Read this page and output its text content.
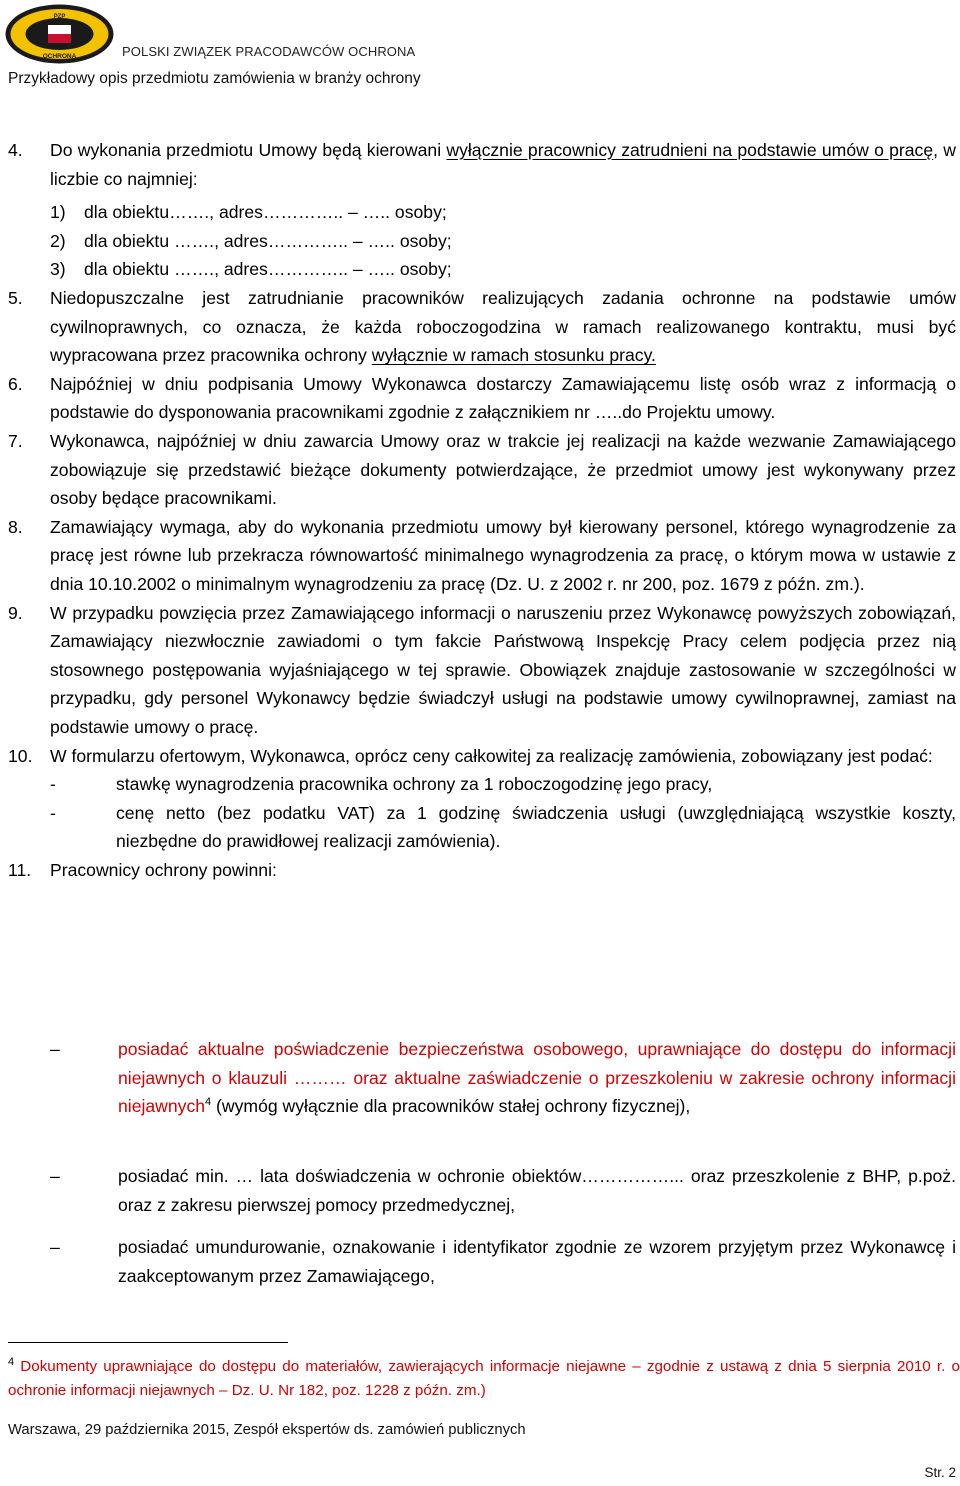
PZP
OCHRONA	POLSKI ZWIĄZEK PRACODAWCÓW OCHRONA
Przykładowy opis przedmiotu zamówienia w branży ochrony
4. Do wykonania przedmiotu Umowy będą kierowani wyłącznie pracownicy zatrudnieni na podstawie umów o pracę, w liczbie co najmniej:
1) dla obiektu……., adres………….. – ….. osoby;
2) dla obiektu ……., adres………….. – ….. osoby;
3) dla obiektu ……., adres………….. – ….. osoby;
5. Niedopuszczalne jest zatrudnianie pracowników realizujących zadania ochronne na podstawie umów cywilnoprawnych, co oznacza, że każda roboczogodzina w ramach realizowanego kontraktu, musi być wypracowana przez pracownika ochrony wyłącznie w ramach stosunku pracy.
6. Najpóźniej w dniu podpisania Umowy Wykonawca dostarczy Zamawiającemu listę osób wraz z informacją o podstawie do dysponowania pracownikami zgodnie z załącznikiem nr …..do Projektu umowy.
7. Wykonawca, najpóźniej w dniu zawarcia Umowy oraz w trakcie jej realizacji na każde wezwanie Zamawiającego zobowiązuje się przedstawić bieżące dokumenty potwierdzające, że przedmiot umowy jest wykonywany przez osoby będące pracownikami.
8. Zamawiający wymaga, aby do wykonania przedmiotu umowy był kierowany personel, którego wynagrodzenie za pracę jest równe lub przekracza równowartość minimalnego wynagrodzenia za pracę, o którym mowa w ustawie z dnia 10.10.2002 o minimalnym wynagrodzeniu za pracę (Dz. U. z 2002 r. nr 200, poz. 1679 z późn. zm.).
9. W przypadku powzięcia przez Zamawiającego informacji o naruszeniu przez Wykonawcę powyższych zobowiązań, Zamawiający niezwłocznie zawiadomi o tym fakcie Państwową Inspekcję Pracy celem podjęcia przez nią stosownego postępowania wyjaśniającego w tej sprawie. Obowiązek znajduje zastosowanie w szczególności w przypadku, gdy personel Wykonawcy będzie świadczył usługi na podstawie umowy cywilnoprawnej, zamiast na podstawie umowy o pracę.
10. W formularzu ofertowym, Wykonawca, oprócz ceny całkowitej za realizację zamówienia, zobowiązany jest podać:
-	stawkę wynagrodzenia pracownika ochrony za 1 roboczogodzinę jego pracy,
-	cenę netto (bez podatku VAT) za 1 godzinę świadczenia usługi (uwzględniającą wszystkie koszty, niezbędne do prawidłowej realizacji zamówienia).
11. Pracownicy ochrony powinni:
–	posiadać aktualne poświadczenie bezpieczeństwa osobowego, uprawniające do dostępu do informacji niejawnych o klauzuli ……… oraz aktualne zaświadczenie o przeszkoleniu w zakresie ochrony informacji niejawnych$^4$ (wymóg wyłącznie dla pracowników stałej ochrony fizycznej),
–	posiadać min. … lata doświadczenia w ochronie obiektów……………... oraz przeszkolenie z BHP, p.poż. oraz z zakresu pierwszej pomocy przedmedycznej,
–	posiadać umundurowanie, oznakowanie i identyfikator zgodnie ze wzorem przyjętym przez Wykonawcę i zaakceptowanym przez Zamawiającego,
$^4$ Dokumenty uprawniające do dostępu do materiałów, zawierających informacje niejawne – zgodnie z ustawą z dnia 5 sierpnia 2010 r. o ochronie informacji niejawnych – Dz. U. Nr 182, poz. 1228 z późn. zm.)
Warszawa, 29 października 2015, Zespół ekspertów ds. zamówień publicznych
Str. 2
